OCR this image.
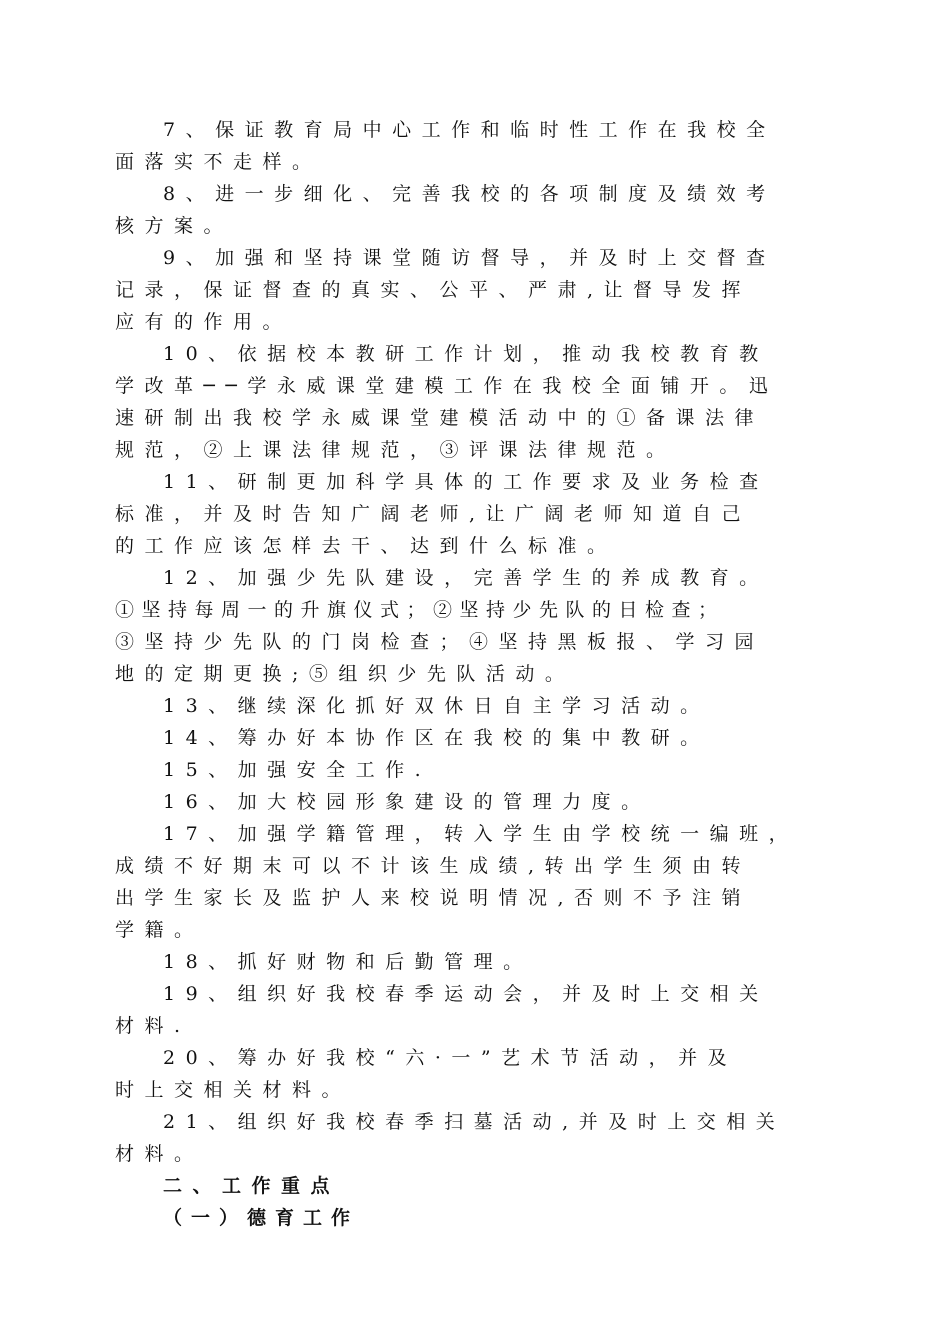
7、保证教育局中心工作和临时性工作在我校全
面落实不走样。
8、进一步细化、完善我校的各项制度及绩效考
核方案。
9、加强和坚持课堂随访督导，并及时上交督查
记录，保证督查的真实、公平、严肃,让督导发挥
应有的作用。
10、依据校本教研工作计划，推动我校教育教
学改革──学永威课堂建模工作在我校全面铺开。迅
速研制出我校学永威课堂建模活动中的①备课法律
规范，②上课法律规范，③评课法律规范。
11、研制更加科学具体的工作要求及业务检查
标准，并及时告知广阔老师,让广阔老师知道自己
的工作应该怎样去干、达到什么标准。
12、加强少先队建设，完善学生的养成教育。
①坚持每周一的升旗仪式；②坚持少先队的日检查；
③坚持少先队的门岗检查；④坚持黑板报、学习园
地的定期更换;⑤组织少先队活动。
13、继续深化抓好双休日自主学习活动。
14、筹办好本协作区在我校的集中教研。
15、加强安全工作.
16、加大校园形象建设的管理力度。
17、加强学籍管理，转入学生由学校统一编班，
成绩不好期末可以不计该生成绩,转出学生须由转
出学生家长及监护人来校说明情况,否则不予注销
学籍。
18、抓好财物和后勤管理。
19、组织好我校春季运动会，并及时上交相关
材料.
20、筹办好我校“六·一”艺术节活动，并及
时上交相关材料。
21、组织好我校春季扫墓活动,并及时上交相关
材料。
二、工作重点
（一）德育工作
